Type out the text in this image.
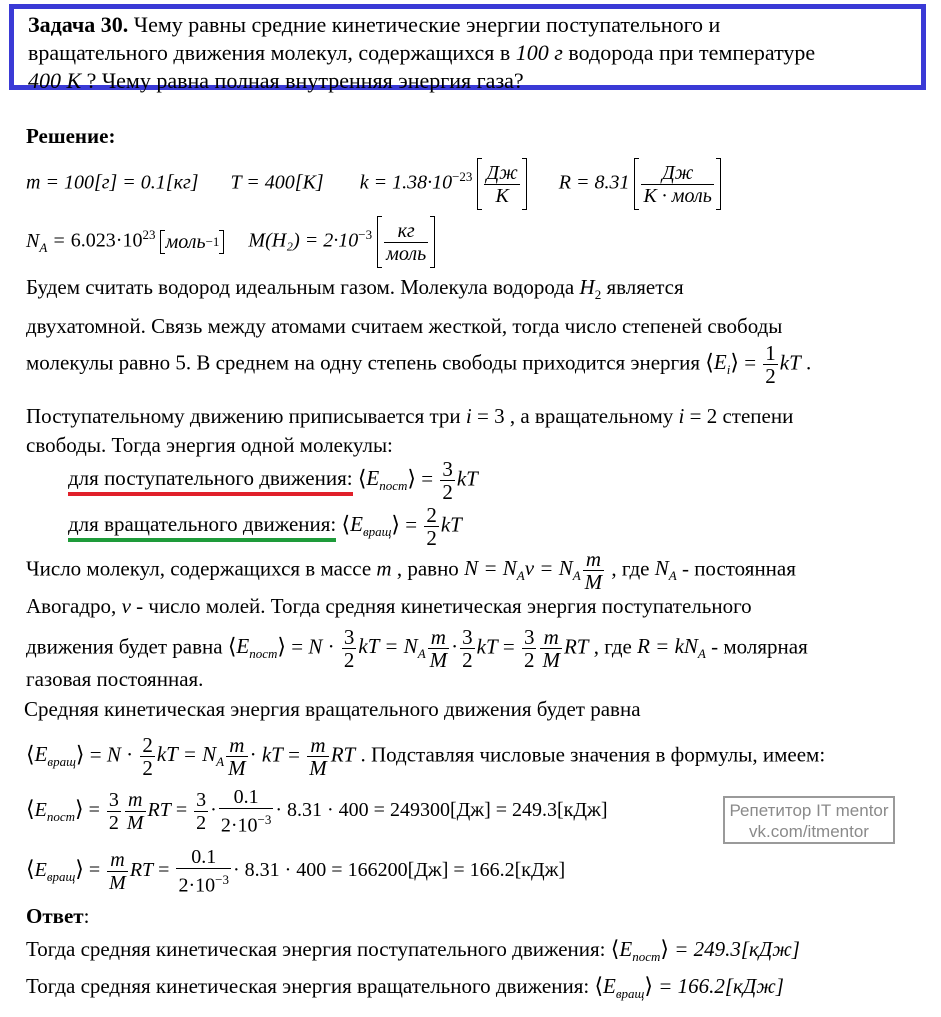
Задача 30. Чему равны средние кинетические энергии поступательного и
вращательного движения молекул, содержащихся в 100 г водорода при температуре
400 К ? Чему равна полная внутренняя энергия газа?
Решение:
m = 100[г] = 0.1[кг] T = 400[K] $k = 1.38\cdot 10^{-23} \frac{Дж}{К}$ $R = 8.31 \frac{Дж}{\text{К · моль}}$
$N_A = 6.023\cdot 10^{23}$ моль −1 $M(H_2) = 2\cdot 10^{-3} \frac{кг}{\text{моль}}$
Будем считать водород идеальным газом. Молекула водорода $H_2$ является
двухатомной. Связь между атомами считаем жесткой, тогда число степеней свободы
молекулы равно 5. В среднем на одну степень свободы приходится энергия $⟨E_i⟩ = \frac{1}{2}$ kT .
Поступательному движению приписывается три i = 3 , а вращательному i = 2 степени
свободы. Тогда энергия одной молекулы:
для поступательного движения: $⟨E_{пост}⟩ = \frac{3}{2}$ kT
для вращательного движения: $⟨E_{вращ}⟩ = \frac{2}{2}$ kT
Число молекул, содержащихся в массе m , равно $N = N_Av = N_A \frac{m}{M}$ , где $N_A$ - постоянная
Авогадро, v - число молей. Тогда средняя кинетическая энергия поступательного
движения будет равна $⟨E_{пост}⟩ = N \cdot \frac{3}{2}$ kT = $N_A \frac{m}{M} \cdot \frac{3}{2}$ kT = $\frac{3}{2} \frac{m}{M}$ RT , где $R = kN_A$ - молярная
газовая постоянная.
Средняя кинетическая энергия вращательного движения будет равна
$⟨E_{вращ}⟩ = N \cdot \frac{2}{2}$ kT = $N_A \frac{m}{M}$ · kT = $\frac{m}{M}$ RT . Подставляя числовые значения в формулы, имеем:
$⟨E_{пост}⟩ = \frac{3}{2} \frac{m}{M}$ RT = $\frac{3}{2} \cdot \frac{0.1}{2\cdot 10^{-3}} \cdot 8.31 \cdot 400 = 249300[Дж] = 249.3[кДж]$
$⟨E_{вращ}⟩ = \frac{m}{M}$ RT = $\frac{0.1}{2\cdot 10^{-3}} \cdot 8.31 \cdot 400 = 166200[Дж] = 166.2[кДж]$
Ответ:
Тогда средняя кинетическая энергия поступательного движения: $⟨E_{пост}⟩ = 249.3[кДж]$
Тогда средняя кинетическая энергия вращательного движения: $⟨E_{вращ}⟩ = 166.2[кДж]$
Репетитор IT mentor
vk.com/itmentor
